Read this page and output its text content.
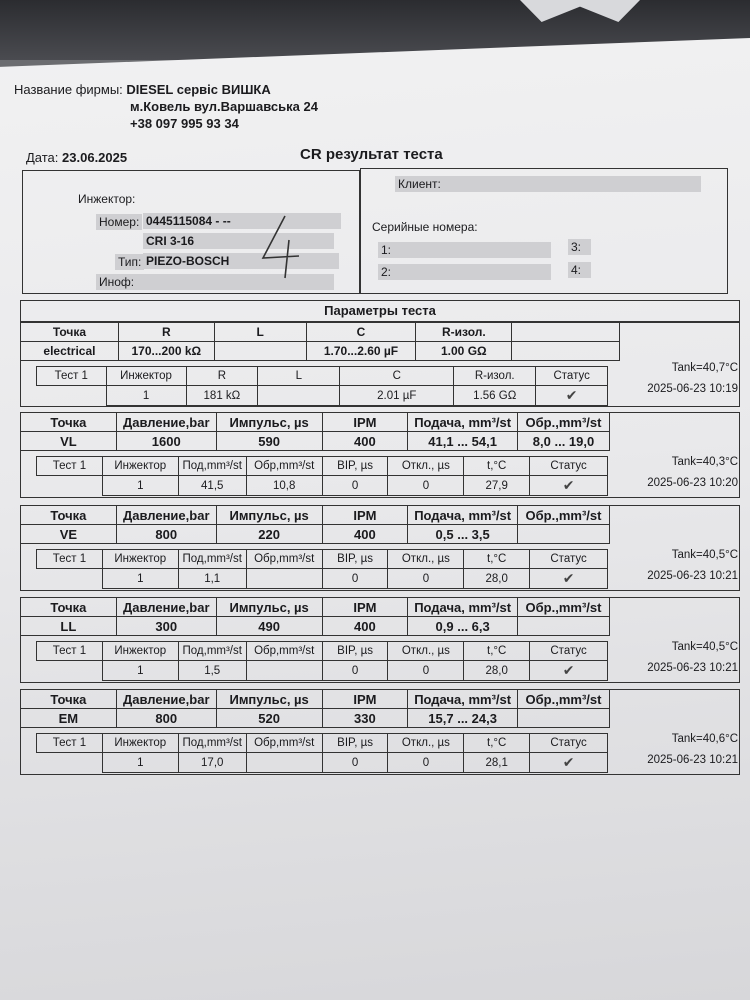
Название фирмы: DIESEL сервіс ВИШКА
м.Ковель вул.Варшавська 24
+38 097 995 93 34
Дата: 23.06.2025	CR результат теста
Инжектор:
Номер: 0445115084 - --
CRI 3-16
Тип: PIEZO-BOSCH
Иноф:
Клиент:
Серийные номера:
1:
2:
3:
4:
Параметры теста
Точка	R	L	C	R-изол.	
electrical	170...200 kΩ		1.70...2.60 µF	1.00 GΩ	
Тест 1	Инжектор	R	L	C	R-изол.	Статус
	1	181 kΩ		2.01 µF	1.56 GΩ	✔
Tank=40,7°C
2025-06-23 10:19
Точка	Давление,bar	Импульс, µs	IPM	Подача, mm³/st	Обр.,mm³/st
VL	1600	590	400	41,1 ... 54,1	8,0 ... 19,0
Тест 1	Инжектор	Под,mm³/st	Обр,mm³/st	BIP, µs	Откл., µs	t,°C	Статус
	1	41,5	10,8	0	0	27,9	✔
Tank=40,3°C
2025-06-23 10:20
Точка	Давление,bar	Импульс, µs	IPM	Подача, mm³/st	Обр.,mm³/st
VE	800	220	400	0,5 ... 3,5	
Тест 1	Инжектор	Под,mm³/st	Обр,mm³/st	BIP, µs	Откл., µs	t,°C	Статус
	1	1,1		0	0	28,0	✔
Tank=40,5°C
2025-06-23 10:21
Точка	Давление,bar	Импульс, µs	IPM	Подача, mm³/st	Обр.,mm³/st
LL	300	490	400	0,9 ... 6,3	
Тест 1	Инжектор	Под,mm³/st	Обр,mm³/st	BIP, µs	Откл., µs	t,°C	Статус
	1	1,5		0	0	28,0	✔
Tank=40,5°C
2025-06-23 10:21
Точка	Давление,bar	Импульс, µs	IPM	Подача, mm³/st	Обр.,mm³/st
EM	800	520	330	15,7 ... 24,3	
Тест 1	Инжектор	Под,mm³/st	Обр,mm³/st	BIP, µs	Откл., µs	t,°C	Статус
	1	17,0		0	0	28,1	✔
Tank=40,6°C
2025-06-23 10:21
